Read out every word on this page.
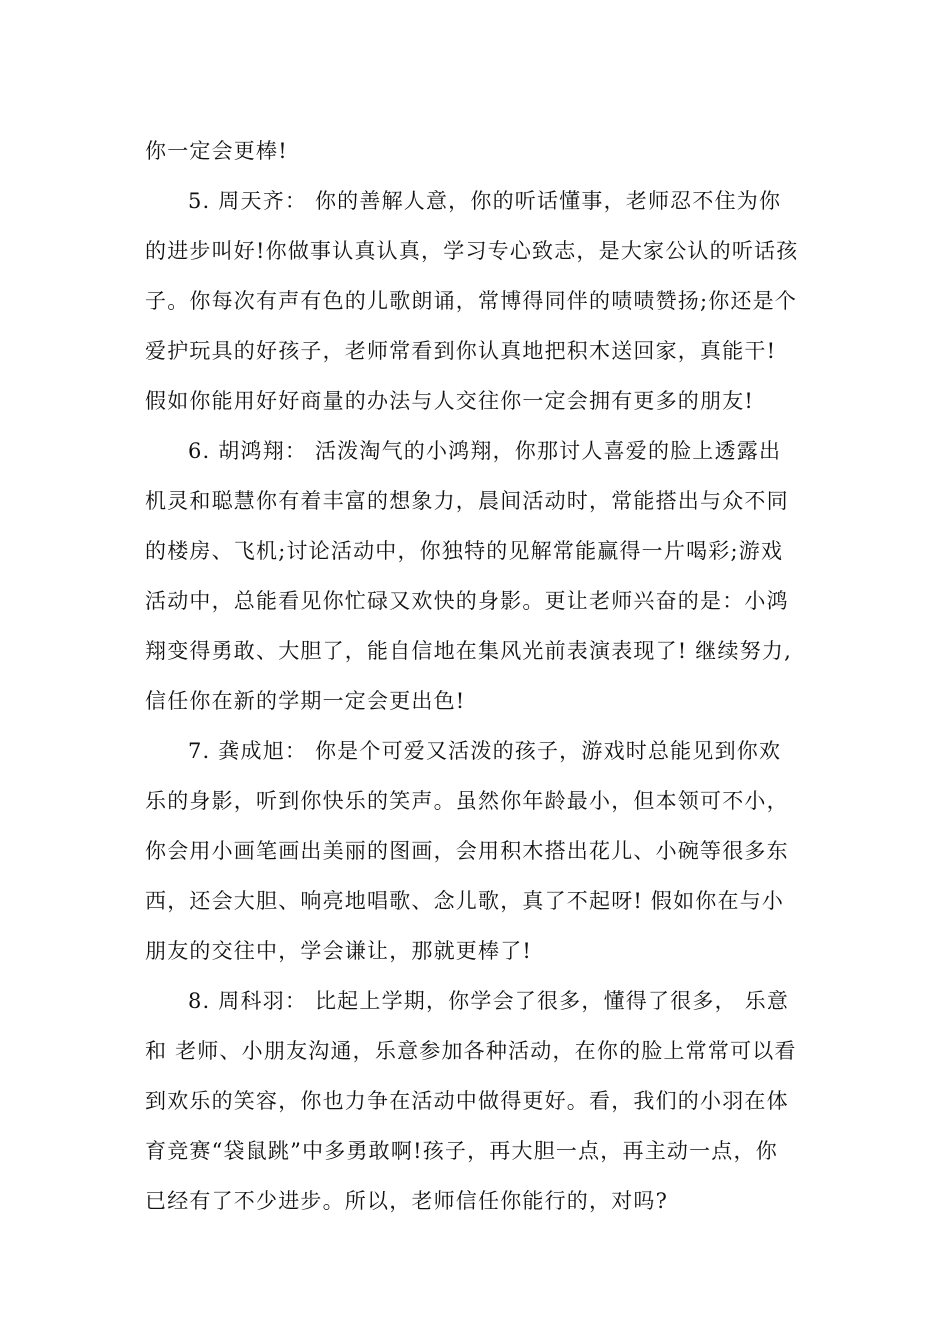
你一定会更棒!
5. 周天齐： 你的善解人意，你的听话懂事，老师忍不住为你
的进步叫好!你做事认真认真，学习专心致志，是大家公认的听话孩
子。你每次有声有色的儿歌朗诵，常博得同伴的啧啧赞扬;你还是个
爱护玩具的好孩子，老师常看到你认真地把积木送回家，真能干!
假如你能用好好商量的办法与人交往你一定会拥有更多的朋友!
6. 胡鸿翔： 活泼淘气的小鸿翔，你那讨人喜爱的脸上透露出
机灵和聪慧你有着丰富的想象力，晨间活动时，常能搭出与众不同
的楼房、飞机;讨论活动中，你独特的见解常能赢得一片喝彩;游戏
活动中，总能看见你忙碌又欢快的身影。更让老师兴奋的是：小鸿
翔变得勇敢、大胆了，能自信地在集风光前表演表现了! 继续努力,
信任你在新的学期一定会更出色!
7. 龚成旭： 你是个可爱又活泼的孩子，游戏时总能见到你欢
乐的身影，听到你快乐的笑声。虽然你年龄最小，但本领可不小，
你会用小画笔画出美丽的图画，会用积木搭出花儿、小碗等很多东
西，还会大胆、响亮地唱歌、念儿歌，真了不起呀! 假如你在与小
朋友的交往中，学会谦让，那就更棒了!
8. 周科羽： 比起上学期，你学会了很多，懂得了很多， 乐意
和 老师、小朋友沟通，乐意参加各种活动，在你的脸上常常可以看
到欢乐的笑容，你也力争在活动中做得更好。看，我们的小羽在体
育竞赛“袋鼠跳”中多勇敢啊!孩子，再大胆一点，再主动一点，你
已经有了不少进步。所以，老师信任你能行的，对吗?
